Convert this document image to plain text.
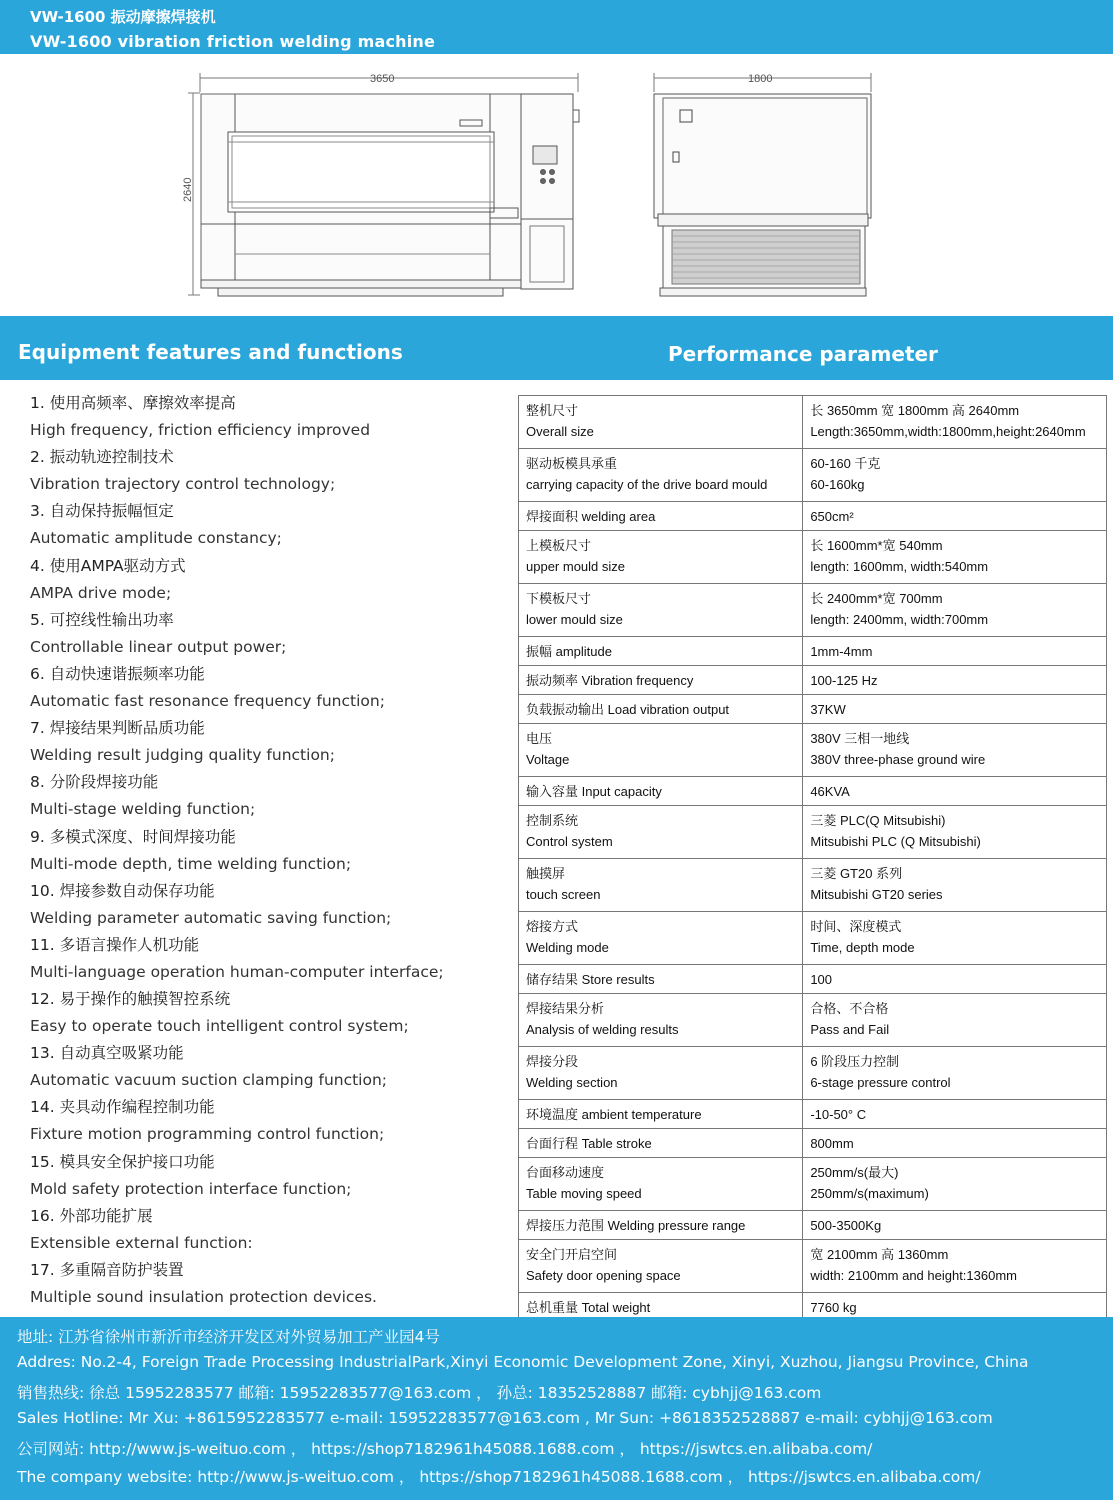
VW-1600 振动摩擦焊接机
VW-1600 vibration friction welding machine
3650
2640
1800
Equipment features and functions	Performance parameter
1. 使用高频率、摩擦效率提高
High frequency, friction efficiency improved
2. 振动轨迹控制技术
Vibration trajectory control technology;
3. 自动保持振幅恒定
Automatic amplitude constancy;
4. 使用AMPA驱动方式
AMPA drive mode;
5. 可控线性输出功率
Controllable linear output power;
6. 自动快速谐振频率功能
Automatic fast resonance frequency function;
7. 焊接结果判断品质功能
Welding result judging quality function;
8. 分阶段焊接功能
Multi-stage welding function;
9. 多模式深度、时间焊接功能
Multi-mode depth, time welding function;
10. 焊接参数自动保存功能
Welding parameter automatic saving function;
11. 多语言操作人机功能
Multi-language operation human-computer interface;
12. 易于操作的触摸智控系统
Easy to operate touch intelligent control system;
13. 自动真空吸紧功能
Automatic vacuum suction clamping function;
14. 夹具动作编程控制功能
Fixture motion programming control function;
15. 模具安全保护接口功能
Mold safety protection interface function;
16. 外部功能扩展
Extensible external function:
17. 多重隔音防护装置
Multiple sound insulation protection devices.
整机尺寸
Overall size	长 3650mm 宽 1800mm 高 2640mm
Length:3650mm,width:1800mm,height:2640mm

驱动板模具承重
carrying capacity of the drive board mould	60-160 千克
60-160kg

焊接面积 welding area	650cm²

上模板尺寸
upper mould size	长 1600mm*宽 540mm
length: 1600mm, width:540mm

下模板尺寸
lower mould size	长 2400mm*宽 700mm
length: 2400mm, width:700mm

振幅 amplitude	1mm-4mm

振动频率 Vibration frequency	100-125 Hz

负载振动输出 Load vibration output	37KW

电压
Voltage	380V 三相一地线
380V three-phase ground wire

输入容量 Input capacity	46KVA

控制系统
Control system	三菱 PLC(Q Mitsubishi)
Mitsubishi PLC (Q Mitsubishi)

触摸屏
touch screen	三菱 GT20 系列
Mitsubishi GT20 series

熔接方式
Welding mode	时间、深度模式
Time, depth mode

储存结果 Store results	100

焊接结果分析
Analysis of welding results	合格、不合格
Pass and Fail

焊接分段
Welding section	6 阶段压力控制
6-stage pressure control

环境温度 ambient temperature	-10-50° C

台面行程 Table stroke	800mm

台面移动速度
Table moving speed	250mm/s(最大)
250mm/s(maximum)

焊接压力范围 Welding pressure range	500-3500Kg

安全门开启空间
Safety door opening space	宽 2100mm 高 1360mm
width: 2100mm and height:1360mm

总机重量 Total weight	7760 kg
地址: 江苏省徐州市新沂市经济开发区对外贸易加工产业园4号
Addres: No.2-4, Foreign Trade Processing IndustrialPark,Xinyi Economic Development Zone, Xinyi, Xuzhou, Jiangsu Province, China
销售热线: 徐总 15952283577 邮箱: 15952283577@163.com ， 孙总: 18352528887 邮箱: cybhjj@163.com
Sales Hotline: Mr Xu: +8615952283577 e-mail: 15952283577@163.com , Mr Sun: +8618352528887 e-mail: cybhjj@163.com
公司网站: http://www.js-weituo.com ， https://shop7182961h45088.1688.com ， https://jswtcs.en.alibaba.com/
The company website: http://www.js-weituo.com ， https://shop7182961h45088.1688.com ， https://jswtcs.en.alibaba.com/
